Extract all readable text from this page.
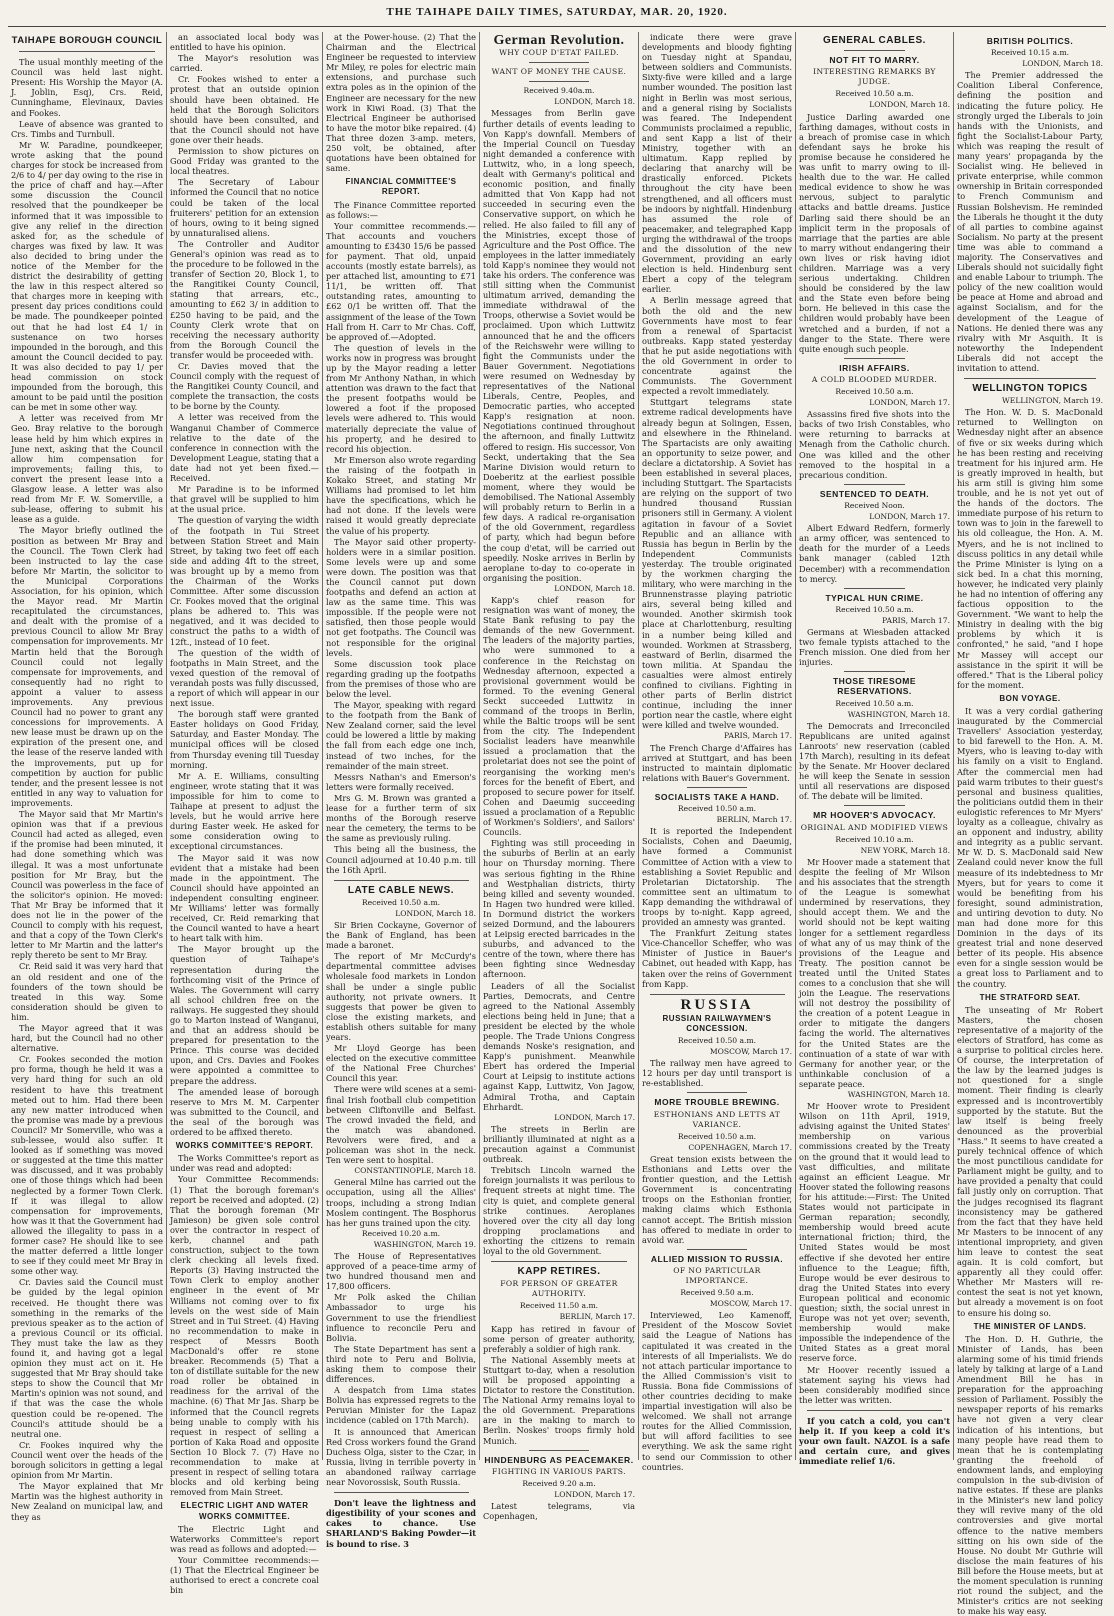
THE TAIHAPE DAILY TIMES, SATURDAY, MAR. 20, 1920.
TAIHAPE BOROUGH COUNCIL

The usual monthly meeting of the Council was held last night. Present: His Worship the Mayor (A. J. Joblin, Esq), Crs. Reid, Cunninghame, Elevinaux, Davies and Fookes.

Leave of absence was granted to Crs. Timbs and Turnbull.

Mr W. Paradine, poundkeeper, wrote asking that the pound charges for stock be increased from 2/6 to 4/ per day owing to the rise in the price of chaff and hay.—After some discussion the Council resolved that the poundkeeper be informed that it was impossible to give any relief in the direction asked for, as the schedule of charges was fixed by law. It was also decided to bring under the notice of the Member for the district the desirability of getting the law in this respect altered so that charges more in keeping with present day prices conditions could be made. The poundkeeper pointed out that he had lost £4 1/ in sustenance on two horses impounded in the borough, and this amount the Council decided to pay. It was also decided to pay 1/ per head commission on stock impounded from the borough, this amount to be paid until the position can be met in some other way.

A letter was received from Mr Geo. Bray relative to the borough lease held by him which expires in June next, asking that the Council allow him compensation for improvements; failing this, to convert the present lease into a Glasgow lease. A letter was also read from Mr F. W. Somerville, a sub-lease, offering to submit his lease as a guide.

The Mayor briefly outlined the position as between Mr Bray and the Council. The Town Clerk had been instructed to lay the case before Mr Martin, the solicitor to the Municipal Corporations Association, for his opinion, which the Mayor read. Mr Martin recapitulated the circumstances, and dealt with the promise of a previous Council to allow Mr Bray compensation for improvements. Mr Martin held that the Borough Council could not legally compensate for improvements, and consequently had no right to appoint a valuer to assess improvements. Any previous Council had no power to grant any concessions for improvements. A new lease must be drawn up on the expiration of the present one, and the lease of the reserve landed with the improvements, put up for competition by auction for public tender, and the present lessee is not entitled in any way to valuation for improvements.

The Mayor said that Mr Martin's opinion was that if a previous Council had acted as alleged, even if the promise had been minuted, it had done something which was illegal. It was a most unfortunate position for Mr Bray, but the Council was powerless in the face of the solicitor's opinion. He moved: That Mr Bray be informed that it does not lie in the power of the Council to comply with his request, and that a copy of the Town Clerk's letter to Mr Martin and the latter's reply thereto be sent to Mr Bray.

Cr. Reid said it was very hard that an old resident and one of the founders of the town should be treated in this way. Some consideration should be given to him.

The Mayor agreed that it was hard, but the Council had no other alternative.

Cr. Fookes seconded the motion pro forma, though he held it was a very hard thing for such an old resident to have this treatment meted out to him. Had there been any new matter introduced when the promise was made by a previous Council? Mr Somerville, who was a sub-lessee, would also suffer. It looked as if something was moved or suggested at the time this matter was discussed, and it was probably one of those things which had been neglected by a former Town Clerk. If it was illegal to allow compensation for improvements, how was it that the Government had allowed the illegality to pass in a former case? He should like to see the matter deferred a little longer to see if they could meet Mr Bray in some other way.

Cr. Davies said the Council must be guided by the legal opinion received. He thought there was something in the remarks of the previous speaker as to the action of a previous Council or its official. They must take the law as they found it, and having got a legal opinion they must act on it. He suggested that Mr Bray should take steps to show the Council that Mr Martin's opinion was not sound, and if that was the case the whole question could be re-opened. The Council's attitude should be a neutral one.

Cr. Fookes inquired why the Council went over the heads of the borough solicitors in getting a legal opinion from Mr Martin.

The Mayor explained that Mr Martin was the highest authority in New Zealand on municipal law, and they as

an associated local body was entitled to have his opinion.

The Mayor's resolution was carried.

Cr. Fookes wished to enter a protest that an outside opinion should have been obtained. He held that the Borough Solicitors should have been consulted, and that the Council should not have gone over their heads.

Permission to show pictures on Good Friday was granted to the local theatres.

The Secretary of Labour informed the Council that no notice could be taken of the local fruiterers' petition for an extension of hours, owing to it being signed by unnaturalised aliens.

The Controller and Auditor General's opinion was read as to the procedure to be followed in the transfer of Section 20, Block 1, to the Rangitikei County Council, stating that arrears, etc., amounting to £62 3/ in addition to £250 having to be paid, and the County Clerk wrote that on receiving the necessary authority from the Borough Council the transfer would be proceeded with.

Cr. Davies moved that the Council comply with the request of the Rangitikei County Council, and complete the transaction, the costs to be borne by the County.

A letter was received from the Wanganui Chamber of Commerce relative to the date of the conference in connection with the Development League, stating that a date had not yet been fixed.—Received.

Mr Paradine is to be informed that gravel will be supplied to him at the usual price.

The question of varying the width of the footpath in Tui Street between Station Street and Main Street, by taking two feet off each side and adding 4ft to the street, was brought up by a memo from the Chairman of the Works Committee. After some discussion Cr. Fookes moved that the original plans be adhered to. This was negatived, and it was decided to construct the paths to a width of 12ft., instead of 10 feet.

The question of the width of footpaths in Main Street, and the vexed question of the removal of verandah posts was fully discussed, a report of which will appear in our next issue.

The borough staff were granted Easter holidays on Good Friday, Saturday, and Easter Monday. The municipal offices will be closed from Thursday evening till Tuesday morning.

Mr A. E. Williams, consulting engineer, wrote stating that it was impossible for him to come to Taihape at present to adjust the levels, but he would arrive here during Easter week. He asked for some consideration owing to exceptional circumstances.

The Mayor said it was now evident that a mistake had been made in the appointment. The Council should have appointed an independent consulting engineer. Mr Williams' letter was formally received, Cr. Reid remarking that the Council wanted to have a heart to heart talk with him.

The Mayor brought up the question of Taihape's representation during the forthcoming visit of the Prince of Wales. The Government will carry all school children free on the railways. He suggested they should go to Marton instead of Wanganui, and that an address should be prepared for presentation to the Prince. This course was decided upon, and Crs. Davies and Fookes were appointed a committee to prepare the address.

The amended lease of borough reserve to Mrs M. M. Carpenter was submitted to the Council, and the seal of the borough was ordered to be affixed thereto.

WORKS COMMITTEE'S REPORT.

The Works Committee's report as under was read and adopted:

Your Committee Recommends: (1) That the borough foreman's report be received and adopted. (2) That the borough foreman (Mr Jamieson) be given sole control over the contractor in respect of kerb, channel and path construction, subject to the town clerk checking all levels fixed. Reports (3) Having instructed the Town Clerk to employ another engineer in the event of Mr Williams not coming over to fix levels on the west side of Main Street and in Tui Street. (4) Having no recommendation to make in respect of Messrs Booth MacDonald's offer re stone breaker. Recommends (5) That a ton of distillate suitable for the new road roller be obtained in readiness for the arrival of the machine. (6) That Mr Jas. Sharp be informed that the Council regrets being unable to comply with his request in respect of selling a portion of Kaka Road and opposite Section 10 Block 7. (7) Have no recommendation to make at present in respect of selling totara blocks and old kerbing being removed from Main Street.

ELECTRIC LIGHT AND WATER WORKS COMMITTEE.

The Electric Light and Waterworks Committee's report was read as follows and adopted:—

Your Committee recommends:— (1) That the Electrical Engineer be authorised to erect a concrete coal bin

at the Power-house. (2) That the Chairman and the Electrical Engineer be requested to interview Mr Miley, re poles for electric main extensions, and purchase such extra poles as in the opinion of the Engineer are necessary for the new work in Kiwi Road. (3) That the Electrical Engineer be authorised to have the motor bike repaired. (4) That three dozen 3-amp. meters, 250 volt, be obtained, after quotations have been obtained for same.

FINANCIAL COMMITTEE'S REPORT.

The Finance Committee reported as follows:—

Your committee recommends.—That accounts and vouchers amounting to £3430 15/6 be passed for payment. That old, unpaid accounts (mostly estate barrels), as per attached list, amounting to £71 11/1, be written off. That outstanding rates, amounting to £62 0/1 be written off. That the assignment of the lease of the Town Hall from H. Carr to Mr Chas. Coff, be approved of.—Adopted.

The question of levels in the works now in progress was brought up by the Mayor reading a letter from Mr Anthony Nathan, in which attention was drawn to the fact that the present footpaths would be lowered a foot if the proposed levels were adhered to. This would materially depreciate the value of his property, and he desired to record his objection.

Mr Emerson also wrote regarding the raising of the footpath in Kokako Street, and stating Mr Williams had promised to let him have the specifications, which he had not done. If the levels were raised it would greatly depreciate the value of his property.

The Mayor said other property-holders were in a similar position. Some levels were up and some were down. The position was that the Council cannot put down footpaths and defend an action at law as the same time. This was impossible. If the people were not satisfied, then those people would not get footpaths. The Council was not responsible for the original levels.

Some discussion took place regarding grading up the footpaths from the premises of those who are below the level.

The Mayor, speaking with regard to the footpath from the Bank of New Zealand corner, said the level could be lowered a little by making the fall from each edge one inch, instead of two inches, for the remainder of the main street.

Messrs Nathan's and Emerson's letters were formally received.

Mrs G. M. Brown was granted a lease for a further term of six months of the Borough reserve near the cemetery, the terms to be the same as previously ruling.

This being all the business, the Council adjourned at 10.40 p.m. till the 16th April.

LATE CABLE NEWS.
Received 10.50 a.m.
LONDON, March 18.

Sir Brien Cockayne, Governor of the Bank of England, has been made a baronet.

The report of Mr McCurdy's departmental committee advises wholesale food markets in London shall be under a single public authority, not private owners. It suggests that power be given to close the existing markets, and establish others suitable for many years.

Mr Lloyd George has been elected on the executive committee of the National Free Churches' Council this year.

There were wild scenes at a semi-final Irish football club competition between Cliftonville and Belfast. The crowd invaded the field, and the match was abandoned. Revolvers were fired, and a policeman was shot in the neck. Ten were sent to hospital.

CONSTANTINOPLE, March 18.

General Milne has carried out the occupation, using all the Allies' troops, including a strong Indian Moslem contingent. The Bosphorus has her guns trained upon the city.

Received 10.20 a.m.
WASHINGTON, March 19.

The House of Representatives approved of a peace-time army of two hundred thousand men and 17,800 officers.

Mr Polk asked the Chilian Ambassador to urge his Government to use the friendliest influence to reconcile Peru and Bolivia.

The State Department has sent a third note to Peru and Bolivia, asking them to compose their differences.

A despatch from Lima states Bolivia has expressed regrets to the Peruvian Minister for the Lapaz incidence (cabled on 17th March).

It is announced that American Red Cross workers found the Grand Duchess Olga, sister to the Czar, in Russia, living in terrible poverty in an abandoned railway carriage near Novorossisk, South Russia.

Don't leave the lightness and digestibility of your scones and cakes to chance. Use SHARLAND'S Baking Powder—it is bound to rise. 3

German Revolution.
WHY COUP D'ETAT FAILED.
WANT OF MONEY THE CAUSE.
Received 9.40a.m.
LONDON, March 18.

Messages from Berlin gave further details of events leading to Von Kapp's downfall. Members of the Imperial Council on Tuesday night demanded a conference with Luttwitz, who, in a long speech, dealt with Germany's political and economic position, and finally admitted that Von Kapp had not succeeded in securing even the Conservative support, on which he relied. He also failed to fill any of the Ministries, except those of Agriculture and the Post Office. The employees in the latter immediately told Kapp's nominee they would not take his orders. The conference was still sitting when the Communist ultimatum arrived, demanding the immediate withdrawal of the Troops, otherwise a Soviet would be proclaimed. Upon which Luttwitz announced that he and the officers of the Reichswehr were willing to fight the Communists under the Bauer Government. Negotiations were resumed on Wednesday by representatives of the National Liberals, Centre, Peoples, and Democratic parties, who accepted Kapp's resignation at noon. Negotiations continued throughout the afternoon, and finally Luttwitz offered to resign. His successor, Von Seckt, undertaking that the Sea Marine Division would return to Doeberitz at the earliest possible moment, where they would be demobilised. The National Assembly will probably return to Berlin in a few days. A radical re-organisation of the old Government, regardless of party, which had begun before the coup d'etat, will be carried out speedily. Noske arrives in Berlin by aeroplane to-day to co-operate in organising the position.

LONDON, March 18.

Kapp's chief reason for resignation was want of money, the State Bank refusing to pay the demands of the new Government. The leaders of the majority parties, who were summoned to a conference in the Reichstag on Wednesday afternoon, expected a provisional government would be formed. To the evening General Seckt succeeded Luttwitz in command of the troops in Berlin, while the Baltic troops will be sent from the city. The Independent Socialist leaders have meanwhile issued a proclamation that the proletariat does not see the point of reorganising the working men's forces for the benefit of Ebert, and proposed to secure power for itself. Cohen and Daeumig succeeding issued a proclamation of a Republic of Workmen's Soldiers', and Sailors' Councils.

Fighting was still proceeding in the suburbs of Berlin at an early hour on Thursday morning. There was serious fighting in the Rhine and Westphalian districts, thirty being killed and seventy wounded. In Hagen two hundred were killed. In Dormund district the workers seized Dormund, and the labourers at Leipsig erected barricades in the suburbs, and advanced to the centre of the town, where there has been fighting since Wednesday afternoon.

Leaders of all the Socialist Parties, Democrats, and Centre agreed to the National Assembly elections being held in June; that a president be elected by the whole people. The Trade Unions Congress demands Noske's resignation, and Kapp's punishment. Meanwhile Ebert has ordered the Imperial Court at Leipsig to institute actions against Kapp, Luttwitz, Von Jagow, Admiral Trotha, and Captain Ehrhardt.

LONDON, March 17.

The streets in Berlin are brilliantly illuminated at night as a precaution against a Communist outbreak.

Trebitsch Lincoln warned the foreign journalists it was perilous to frequent streets at night time. The city is quiet, and complete general strike continues. Aeroplanes hovered over the city all day long dropping proclamations and exhorting the citizens to remain loyal to the old Government.

KAPP RETIRES.
FOR PERSON OF GREATER AUTHORITY.
Received 11.50 a.m.
BERLIN, March 17.

Kapp has retired in favour of some person of greater authority, preferably a soldier of high rank.

The National Assembly meets at Stuttgart to-day, when a resolution will be proposed appointing a Dictator to restore the Constitution. The National Army remains loyal to the old Government. Preparations are in the making to march to Berlin. Noskes' troops firmly hold Munich.

HINDENBURG AS PEACEMAKER.
FIGHTING IN VARIOUS PARTS.
Received 9.20 a.m.
LONDON, March 17.

Latest telegrams, via Copenhagen,

indicate there were grave developments and bloody fighting on Tuesday night at Spandau, between soldiers and Communists. Sixty-five were killed and a large number wounded. The position last night in Berlin was most serious, and a general rising by Socialists was feared. The Independent Communists proclaimed a republic, and sent Kapp a list of their Ministry, together with an ultimatum. Kapp replied by declaring that anarchy will be drastically enforced. Pickets throughout the city have been strengthened, and all officers must be indoors by nightfall. Hindenburg has assumed the role of peacemaker, and telegraphed Kapp urging the withdrawal of the troops and the dissolution of the new Government, providing an early election is held. Hindenburg sent Ebert a copy of the telegram earlier.

A Berlin message agreed that both the old and the new Governments have most to fear from a renewal of Spartacist outbreaks. Kapp stated yesterday that he put aside negotiations with the old Government in order to concentrate against the Communists. The Government expected a revolt immediately.

Stuttgart telegrams state extreme radical developments have already begun at Solingen, Essen, and elsewhere in the Rhineland. The Spartacists are only awaiting an opportunity to seize power, and declare a dictatorship. A Soviet has been established in several places, including Stuttgart. The Spartacists are relying on the support of two hundred thousand Russian prisoners still in Germany. A violent agitation in favour of a Soviet Republic and an alliance with Russia has begun in Berlin by the Independent Communists yesterday. The trouble originated by the workmen charging the military, who were marching in the Brunnenstrasse playing patriotic airs, several being killed and wounded. Another skirmish took place at Charlottenburg, resulting in a number being killed and wounded. Workmen at Strassberg, eastward of Berlin, disarmed the town militia. At Spandau the casualties were almost entirely confined to civilians. Fighting in other parts of Berlin district continue, including the inner portion near the castle, where eight were killed and twelve wounded.

PARIS, March 17.

The French Charge d'Affaires has arrived at Stuttgart, and has been instructed to maintain diplomatic relations with Bauer's Government.

SOCIALISTS TAKE A HAND.
Received 10.50 a.m.
BERLIN, March 17.

It is reported the Independent Socialists, Cohen and Daeumig, have formed a Communist Committee of Action with a view to establishing a Soviet Republic and Proletarian Dictatorship. The committee sent an ultimatum to Kapp demanding the withdrawal of troops by to-night. Kapp agreed, provided an amnesty was granted.

The Frankfurt Zeitung states Vice-Chancellor Scheffer, who was Minister of Justice in Bauer's Cabinet, out headed with Kapp, has taken over the reins of Government from Kapp.

RUSSIA
RUSSIAN RAILWAYMEN'S CONCESSION.
Received 10.50 a.m.
MOSCOW, March 17.

The railway men have agreed to 12 hours per day until transport is re-established.

MORE TROUBLE BREWING.
ESTHONIANS AND LETTS AT VARIANCE.
Received 10.50 a.m.
COPENHAGEN, March 17.

Great tension exists between the Esthonians and Letts over the frontier question, and the Lettish Government is concentrating troops on the Esthonian frontier, making claims which Esthonia cannot accept. The British mission has offered to mediate in order to avoid war.

ALLIED MISSION TO RUSSIA.
OF NO PARTICULAR IMPORTANCE.
Received 9.50 a.m.
MOSCOW, March 17.

Interviewed, Leo Kamenoff, President of the Moscow Soviet said the League of Nations has capitulated it was created in the interests of all Imperialists. We do not attach particular importance to the Allied Commission's visit to Russia. Bona fide Commissions of other countries deciding to make impartial investigation will also be welcomed. We shall not arrange routes for the Allied Commission, but will afford facilities to see everything. We ask the same right to send our Commission to other countries.

GENERAL CABLES.
NOT FIT TO MARRY.
INTERESTING REMARKS BY JUDGE.
Received 10.50 a.m.
LONDON, March 18.

Justice Darling awarded one farthing damages, without costs in a breach of promise case in which defendant says he broke his promise because he considered he was unfit to marry owing to ill-health due to the war. He called medical evidence to show he was nervous, subject to paralytic attacks and battle dreams. Justice Darling said there should be an implicit term in the proposals of marriage that the parties are able to marry without endangering their own lives or risk having idiot children. Marriage was a very serious undertaking. Children should be considered by the law and the State even before being born. He believed in this case the children would probably have been wretched and a burden, if not a danger to the State. There were quite enough such people.

IRISH AFFAIRS.
A COLD BLOODED MURDER.
Received 10.50 a.m.
LONDON, March 17.

Assassins fired five shots into the backs of two Irish Constables, who were returning to barracks at Menagh from the Catholic church. One was killed and the other removed to the hospital in a precarious condition.

SENTENCED TO DEATH.
Received Noon.
LONDON, March 17.

Albert Edward Redfern, formerly an army officer, was sentenced to death for the murder of a Leeds bank manager (cabled 12th December) with a recommendation to mercy.

TYPICAL HUN CRIME.
Received 10.50 a.m.
PARIS, March 17.

Germans at Wiesbaden attacked two female typists attached to the French mission. One died from her injuries.

THOSE TIRESOME RESERVATIONS.
Received 10.50 a.m.
WASHINGTON, March 18.

The Democrats and Irreconciled Republicans are united against Lanroots' new reservation (cabled 17th March), resulting in its defeat by the Senate. Mr Hoover declared he will keep the Senate in session until all reservations are disposed of. The debate will be limited.

MR HOOVER'S ADVOCACY.
ORIGINAL AND MODIFIED VIEWS
Received 10.10 a.m.
NEW YORK, March 18.

Mr Hoover made a statement that despite the feeling of Mr Wilson and his associates that the strength of the League is somewhat undermined by reservations, they should accept them. We and the world should not be kept waiting longer for a settlement regardless of what any of us may think of the provisions of the League and Treaty. The position cannot be treated until the United States comes to a conclusion that she will join the League. The reservations will not destroy the possibility of the creation of a potent League in order to mitigate the dangers facing the world. The alternatives for the United States are the continuation of a state of war with Germany for another year, or the unthinkable conclusion of a separate peace.

WASHINGTON, March 18.

Mr Hoover wrote to President Wilson on 11th April, 1919, advising against the United States' membership on various commissions created by the Treaty on the ground that it would lead to vast difficulties, and militate against an efficient League. Mr Hoover stated the following reasons for his attitude:—First: The United States would not participate in German reparation; secondly, membership would breed acute international friction; third, the United States would be most effective if she devoted her entire influence to the League; fifth, Europe would be ever desirous to drag the United States into every European political and economic question; sixth, the social unrest in Europe was not yet over; seventh, membership would make impossible the independence of the United States as a great moral reserve force.

Mr Hoover recently issued a statement saying his views had been considerably modified since the letter was written.

If you catch a cold, you can't help it. If you keep a cold it's your own fault. NAZOL is a safe and certain cure, and gives immediate relief 1/6.

BRITISH POLITICS.
Received 10.15 a.m.
LONDON, March 18.

The Premier addressed the Coalition Liberal Conference, defining the position and indicating the future policy. He strongly urged the Liberals to join hands with the Unionists, and fight the Socialist-Labour Party, which was reaping the result of many years' propaganda by the Socialist wing. He believed in private enterprise, while common ownership in Britain corresponded to French Communism and Russian Bolshevism. He reminded the Liberals he thought it the duty of all parties to combine against Socialism. No party at the present time was able to command a majority. The Conservatives and Liberals should not suicidally fight and enable Labour to triumph. The policy of the new coalition would be peace at Home and abroad and against Socialism, and for the development of the League of Nations. He denied there was any rivalry with Mr Asquith. It is noteworthy the Independent Liberals did not accept the invitation to attend.

WELLINGTON TOPICS
WELLINGTON, March 19.

The Hon. W. D. S. MacDonald returned to Wellington on Wednesday night after an absence of five or six weeks during which he has been resting and receiving treatment for his injured arm. He is greatly improved in health, but his arm still is giving him some trouble, and he is not yet out of the hands of the doctors. The immediate purpose of his return to town was to join in the farewell to his old colleague, the Hon. A. M. Myers, and he is not inclined to discuss politics in any detail while the Prime Minister is lying on a sick bed. In a chat this morning, however, he indicated very plainly he had no intention of offering any factious opposition to the Government. "We want to help the Ministry in dealing with the big problems by which it is confronted," he said, "and I hope Mr Massey will accept our assistance in the spirit it will be offered." That is the Liberal policy for the moment.

BON VOYAGE.

It was a very cordial gathering inaugurated by the Commercial Travellers' Association yesterday, to bid farewell to the Hon. A. M. Myers, who is leaving to-day with his family on a visit to England. After the commercial men had paid warm tributes to their guest's personal and business qualities, the politicians outdid them in their eulogistic references to Mr Myers' loyalty as a colleague, chivalry as an opponent and industry, ability and integrity as a public servant. Mr W. D. S. MacDonald said New Zealand could never know the full measure of its indebtedness to Mr Myers, but for years to come it would be benefiting from his foresight, sound administration, and untiring devotion to duty. No man had done more for this Dominion in the days of its greatest trial and none deserved better of its people. His absence even for a single session would be a great loss to Parliament and to the country.

THE STRATFORD SEAT.

The unseating of Mr Robert Masters, the chosen representative of a majority of the electors of Stratford, has come as a surprise to political circles here. Of course, the interpretation of the law by the learned judges is not questioned for a single moment. Their finding is clearly expressed and is incontrovertibly supported by the statute. But the law itself is being freely denounced as the proverbial "Hass." It seems to have created a purely technical offence of which the most punctilious candidate for Parliament might be guilty, and to have provided a penalty that could fall justly only on corruption. That the judges recognised its flagrant inconsistency may be gathered from the fact that they have held Mr Masters to be innocent of any intentional impropriety, and given him leave to contest the seat again. It is cold comfort, but apparently all they could offer. Whether Mr Masters will re-contest the seat is not yet known, but already a movement is on foot to ensure his doing so.

THE MINISTER OF LANDS.

The Hon. D. H. Guthrie, the Minister of Lands, has been alarming some of his timid friends lately by talking at large of a Land Amendment Bill he has in preparation for the approaching session of Parliament. Possibly the newspaper reports of his remarks have not given a very clear indication of his intentions, but many people have read them to mean that he is contemplating granting the freehold of endowment lands, and employing compulsion in the sub-division of native estates. If these are planks in the Minister's new land policy they will revive many of the old controversies and give mortal offence to the native members sitting on his own side of the House. No doubt Mr Guthrie will disclose the main features of his Bill before the House meets, but at the moment speculation is running riot round the subject, and the Minister's critics are not seeking to make his way easy.
